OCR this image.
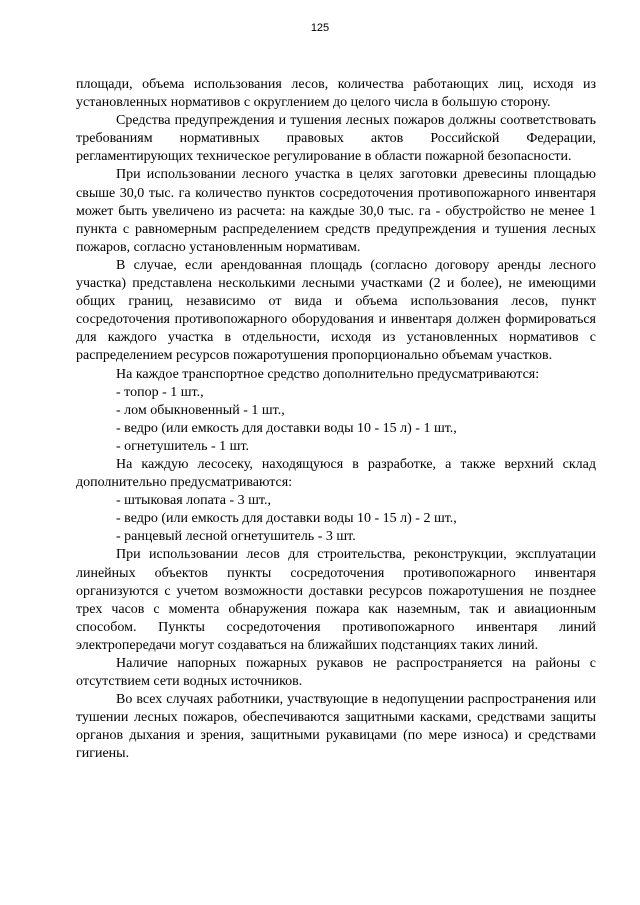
125

площади, объема использования лесов, количества работающих лиц, исходя из установленных нормативов с округлением до целого числа в большую сторону.

Средства предупреждения и тушения лесных пожаров должны соответствовать требованиям нормативных правовых актов Российской Федерации, регламентирующих техническое регулирование в области пожарной безопасности.

При использовании лесного участка в целях заготовки древесины площадью свыше 30,0 тыс. га количество пунктов сосредоточения противопожарного инвентаря может быть увеличено из расчета: на каждые 30,0 тыс. га - обустройство не менее 1 пункта с равномерным распределением средств предупреждения и тушения лесных пожаров, согласно установленным нормативам.

В случае, если арендованная площадь (согласно договору аренды лесного участка) представлена несколькими лесными участками (2 и более), не имеющими общих границ, независимо от вида и объема использования лесов, пункт сосредоточения противопожарного оборудования и инвентаря должен формироваться для каждого участка в отдельности, исходя из установленных нормативов с распределением ресурсов пожаротушения пропорционально объемам участков.

На каждое транспортное средство дополнительно предусматриваются:

- топор - 1 шт.,

- лом обыкновенный - 1 шт.,

- ведро (или емкость для доставки воды 10 - 15 л) - 1 шт.,

- огнетушитель - 1 шт.

На каждую лесосеку, находящуюся в разработке, а также верхний склад дополнительно предусматриваются:

- штыковая лопата - 3 шт.,

- ведро (или емкость для доставки воды 10 - 15 л) - 2 шт.,

- ранцевый лесной огнетушитель - 3 шт.

При использовании лесов для строительства, реконструкции, эксплуатации линейных объектов пункты сосредоточения противопожарного инвентаря организуются с учетом возможности доставки ресурсов пожаротушения не позднее трех часов с момента обнаружения пожара как наземным, так и авиационным способом. Пункты сосредоточения противопожарного инвентаря линий электропередачи могут создаваться на ближайших подстанциях таких линий.

Наличие напорных пожарных рукавов не распространяется на районы с отсутствием сети водных источников.

Во всех случаях работники, участвующие в недопущении распространения или тушении лесных пожаров, обеспечиваются защитными касками, средствами защиты органов дыхания и зрения, защитными рукавицами (по мере износа) и средствами гигиены.
